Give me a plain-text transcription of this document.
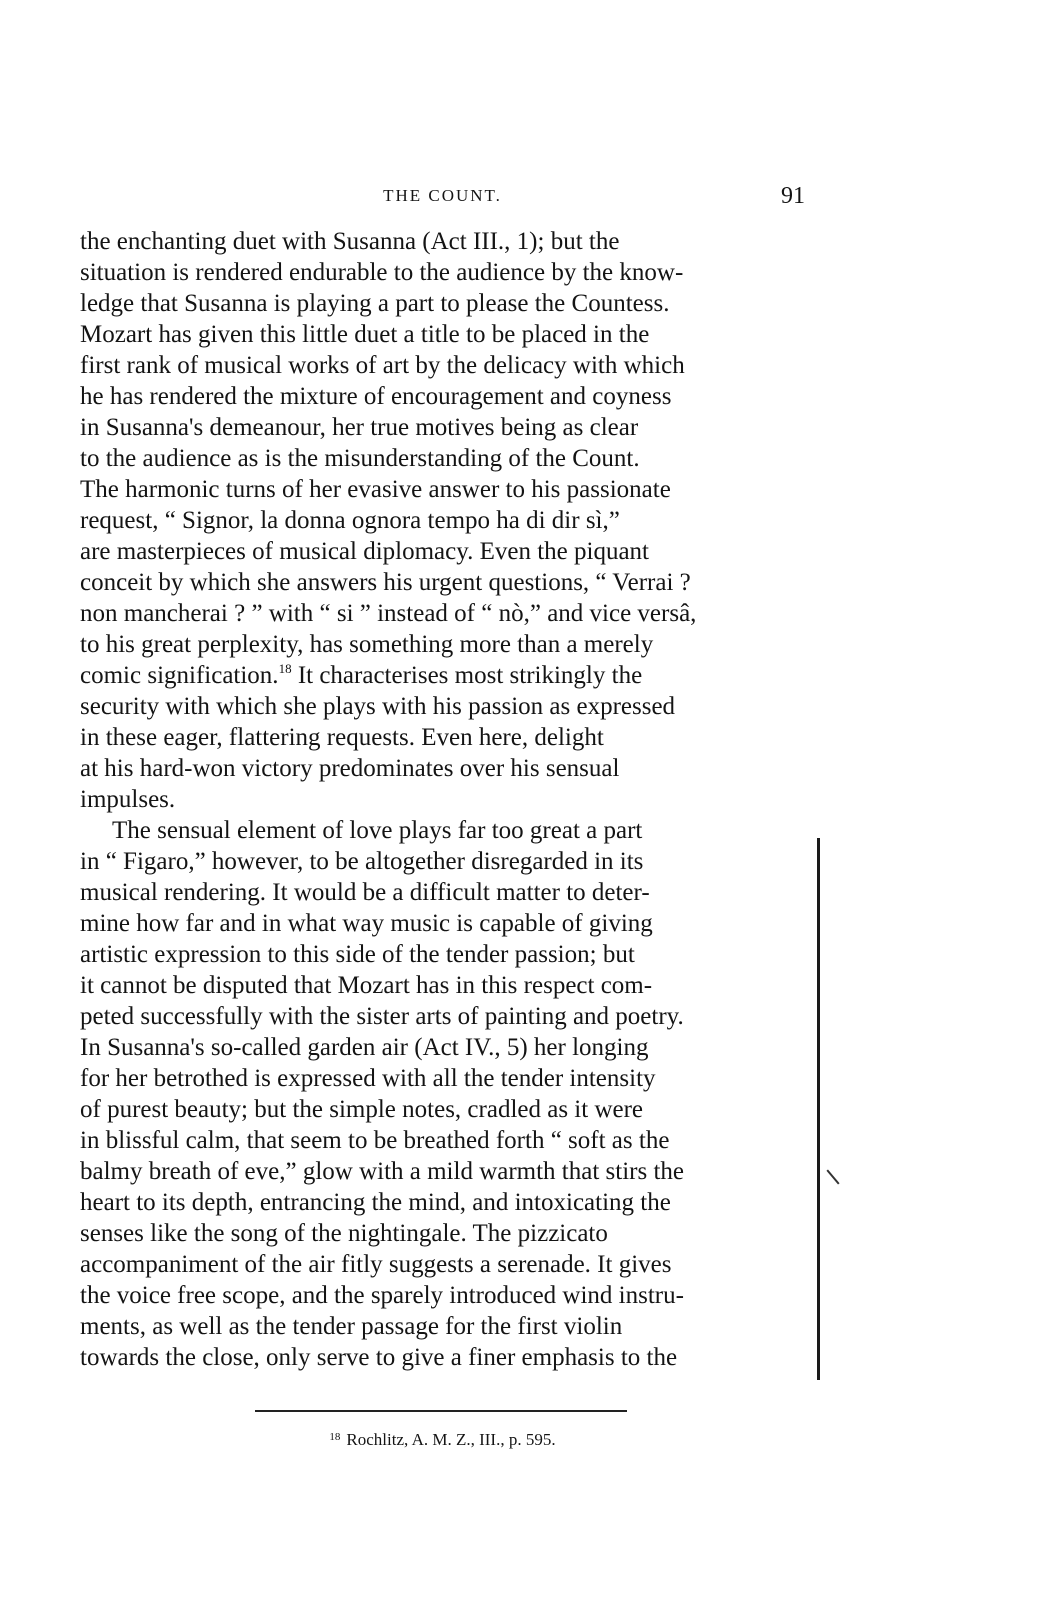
THE COUNT.	91
the enchanting duet with Susanna (Act III., 1); but the
situation is rendered endurable to the audience by the know-
ledge that Susanna is playing a part to please the Countess.
Mozart has given this little duet a title to be placed in the
first rank of musical works of art by the delicacy with which
he has rendered the mixture of encouragement and coyness
in Susanna's demeanour, her true motives being as clear
to the audience as is the misunderstanding of the Count.
The harmonic turns of her evasive answer to his passionate
request, “ Signor, la donna ognora tempo ha di dir sì,”
are masterpieces of musical diplomacy. Even the piquant
conceit by which she answers his urgent questions, “ Verrai ?
non mancherai ? ” with “ si ” instead of “ nò,” and vice versâ,
to his great perplexity, has something more than a merely
comic signification.$^{18}$ It characterises most strikingly the
security with which she plays with his passion as expressed
in these eager, flattering requests. Even here, delight
at his hard-won victory predominates over his sensual
impulses.
The sensual element of love plays far too great a part
in “ Figaro,” however, to be altogether disregarded in its
musical rendering. It would be a difficult matter to deter-
mine how far and in what way music is capable of giving
artistic expression to this side of the tender passion; but
it cannot be disputed that Mozart has in this respect com-
peted successfully with the sister arts of painting and poetry.
In Susanna's so-called garden air (Act IV., 5) her longing
for her betrothed is expressed with all the tender intensity
of purest beauty; but the simple notes, cradled as it were
in blissful calm, that seem to be breathed forth “ soft as the
balmy breath of eve,” glow with a mild warmth that stirs the
heart to its depth, entrancing the mind, and intoxicating the
senses like the song of the nightingale. The pizzicato
accompaniment of the air fitly suggests a serenade. It gives
the voice free scope, and the sparely introduced wind instru-
ments, as well as the tender passage for the first violin
towards the close, only serve to give a finer emphasis to the
$^{18}$ Rochlitz, A. M. Z., III., p. 595.
